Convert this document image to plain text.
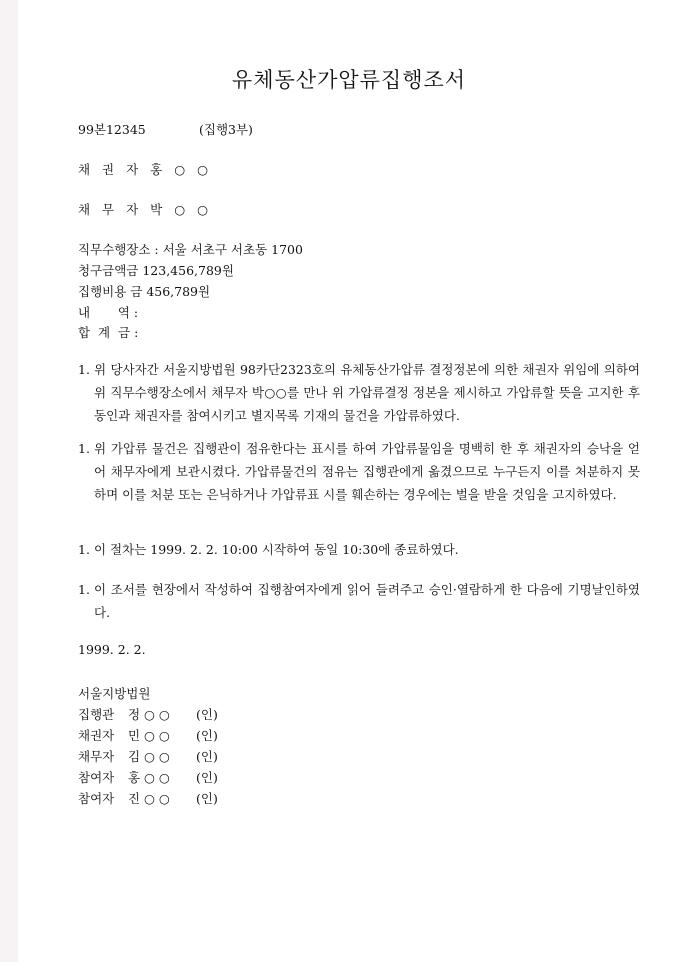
유체동산가압류집행조서
99본12345	(집행3부)
채 권 자 홍 ○ ○
채 무 자 박 ○ ○
직무수행장소 : 서울 서초구 서초동 1700
청구금액금 123,456,789원
집행비용 금 456,789원
내       역 :
합  계  금 :
1. 위 당사자간 서울지방법원 98카단2323호의 유체동산가압류 결정정본에 의한 채권자 위임에 의하여 위 직무수행장소에서 채무자 박○○를 만나 위 가압류결정 정본을 제시하고 가압류할 뜻을 고지한 후 동인과 채권자를 참여시키고 별지목록 기재의 물건을 가압류하였다.
1. 위 가압류 물건은 집행관이 점유한다는 표시를 하여 가압류물임을 명백히 한 후 채권자의 승낙을 얻어 채무자에게 보관시켰다. 가압류물건의 점유는 집행관에게 옮겼으므로 누구든지 이를 처분하지 못하며 이를 처분 또는 은닉하거나 가압류표 시를 훼손하는 경우에는 벌을 받을 것임을 고지하였다.
1. 이 절차는 1999. 2. 2. 10:00 시작하여 동일 10:30에 종료하였다.
1. 이 조서를 현장에서 작성하여 집행참여자에게 읽어 들려주고 승인·열람하게 한 다음에 기명날인하였다.
1999. 2. 2.
서울지방법원
집행관 정 ○ ○ (인)
채권자 민 ○ ○ (인)
채무자 김 ○ ○ (인)
참여자 홍 ○ ○ (인)
참여자 진 ○ ○ (인)
